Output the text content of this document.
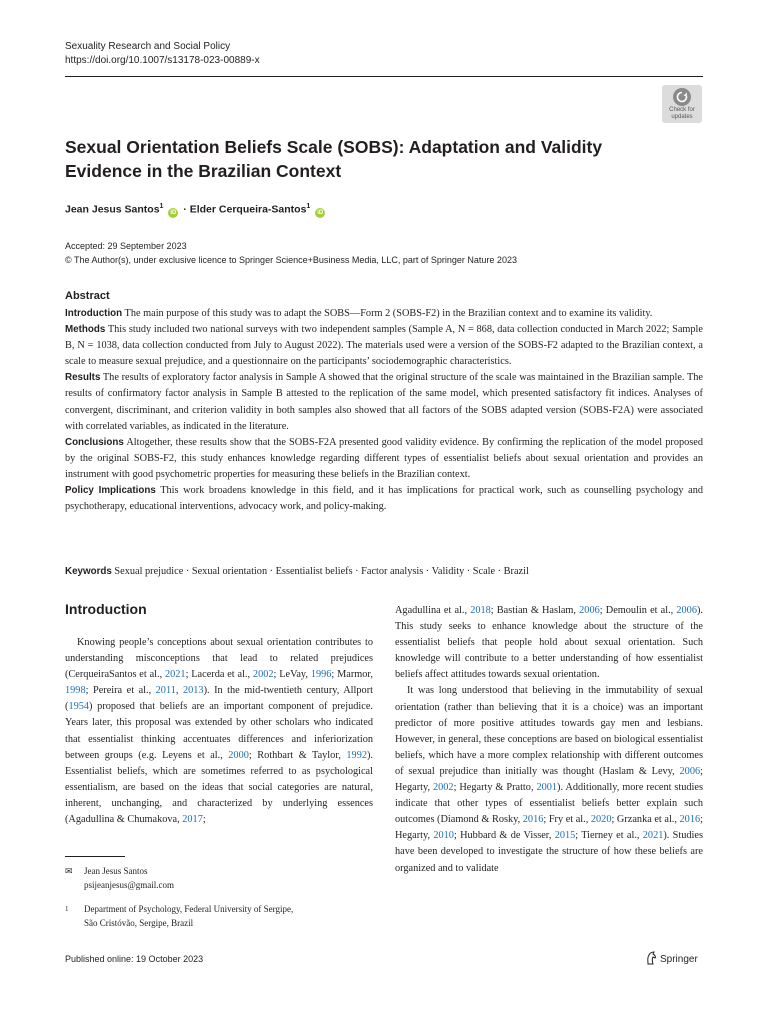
Sexuality Research and Social Policy
https://doi.org/10.1007/s13178-023-00889-x
Check for
updates
Sexual Orientation Beliefs Scale (SOBS): Adaptation and Validity Evidence in the Brazilian Context
Jean Jesus Santos$^1$ iD · Elder Cerqueira-Santos$^1$ iD
Accepted: 29 September 2023
© The Author(s), under exclusive licence to Springer Science+Business Media, LLC, part of Springer Nature 2023
Abstract

Introduction The main purpose of this study was to adapt the SOBS—Form 2 (SOBS-F2) in the Brazilian context and to examine its validity.

Methods This study included two national surveys with two independent samples (Sample A, N = 868, data collection conducted in March 2022; Sample B, N = 1038, data collection conducted from July to August 2022). The materials used were a version of the SOBS-F2 adapted to the Brazilian context, a scale to measure sexual prejudice, and a questionnaire on the participants’ sociodemographic characteristics.

Results The results of exploratory factor analysis in Sample A showed that the original structure of the scale was maintained in the Brazilian sample. The results of confirmatory factor analysis in Sample B attested to the replication of the same model, which presented satisfactory fit indices. Analyses of convergent, discriminant, and criterion validity in both samples also showed that all factors of the SOBS adapted version (SOBS-F2A) were associated with correlated variables, as indicated in the literature.

Conclusions Altogether, these results show that the SOBS-F2A presented good validity evidence. By confirming the replication of the model proposed by the original SOBS-F2, this study enhances knowledge regarding different types of essentialist beliefs about sexual orientation and provides an instrument with good psychometric properties for measuring these beliefs in the Brazilian context.

Policy Implications This work broadens knowledge in this field, and it has implications for practical work, such as counselling psychology and psychotherapy, educational interventions, advocacy work, and policy-making.

Keywords Sexual prejudice · Sexual orientation · Essentialist beliefs · Factor analysis · Validity · Scale · Brazil
Introduction

Knowing people’s conceptions about sexual orientation contributes to understanding misconceptions that lead to related prejudices (CerqueiraSantos et al., 2021; Lacerda et al., 2002; LeVay, 1996; Marmor, 1998; Pereira et al., 2011, 2013). In the mid-twentieth century, Allport (1954) proposed that beliefs are an important component of prejudice. Years later, this proposal was extended by other scholars who indicated that essentialist thinking accentuates differences and inferiorization between groups (e.g. Leyens et al., 2000; Rothbart & Taylor, 1992). Essentialist beliefs, which are sometimes referred to as psychological essentialism, are based on the ideas that social categories are natural, inherent, unchanging, and characterized by underlying essences (Agadullina & Chumakova, 2017;

Agadullina et al., 2018; Bastian & Haslam, 2006; Demoulin et al., 2006). This study seeks to enhance knowledge about the structure of the essentialist beliefs that people hold about sexual orientation. Such knowledge will contribute to a better understanding of how essentialist beliefs affect attitudes towards sexual orientation.

It was long understood that believing in the immutability of sexual orientation (rather than believing that it is a choice) was an important predictor of more positive attitudes towards gay men and lesbians. However, in general, these conceptions are based on biological essentialist beliefs, which have a more complex relationship with different outcomes of sexual prejudice than initially was thought (Haslam & Levy, 2006; Hegarty, 2002; Hegarty & Pratto, 2001). Additionally, more recent studies indicate that other types of essentialist beliefs better explain such outcomes (Diamond & Rosky, 2016; Fry et al., 2020; Grzanka et al., 2016; Hegarty, 2010; Hubbard & de Visser, 2015; Tierney et al., 2021). Studies have been developed to investigate the structure of how these beliefs are organized and to validate

✉ Jean Jesus Santos
psijeanjesus@gmail.com
1 Department of Psychology, Federal University of Sergipe,
São Cristóvão, Sergipe, Brazil
Published online: 19 October 2023	Springer
